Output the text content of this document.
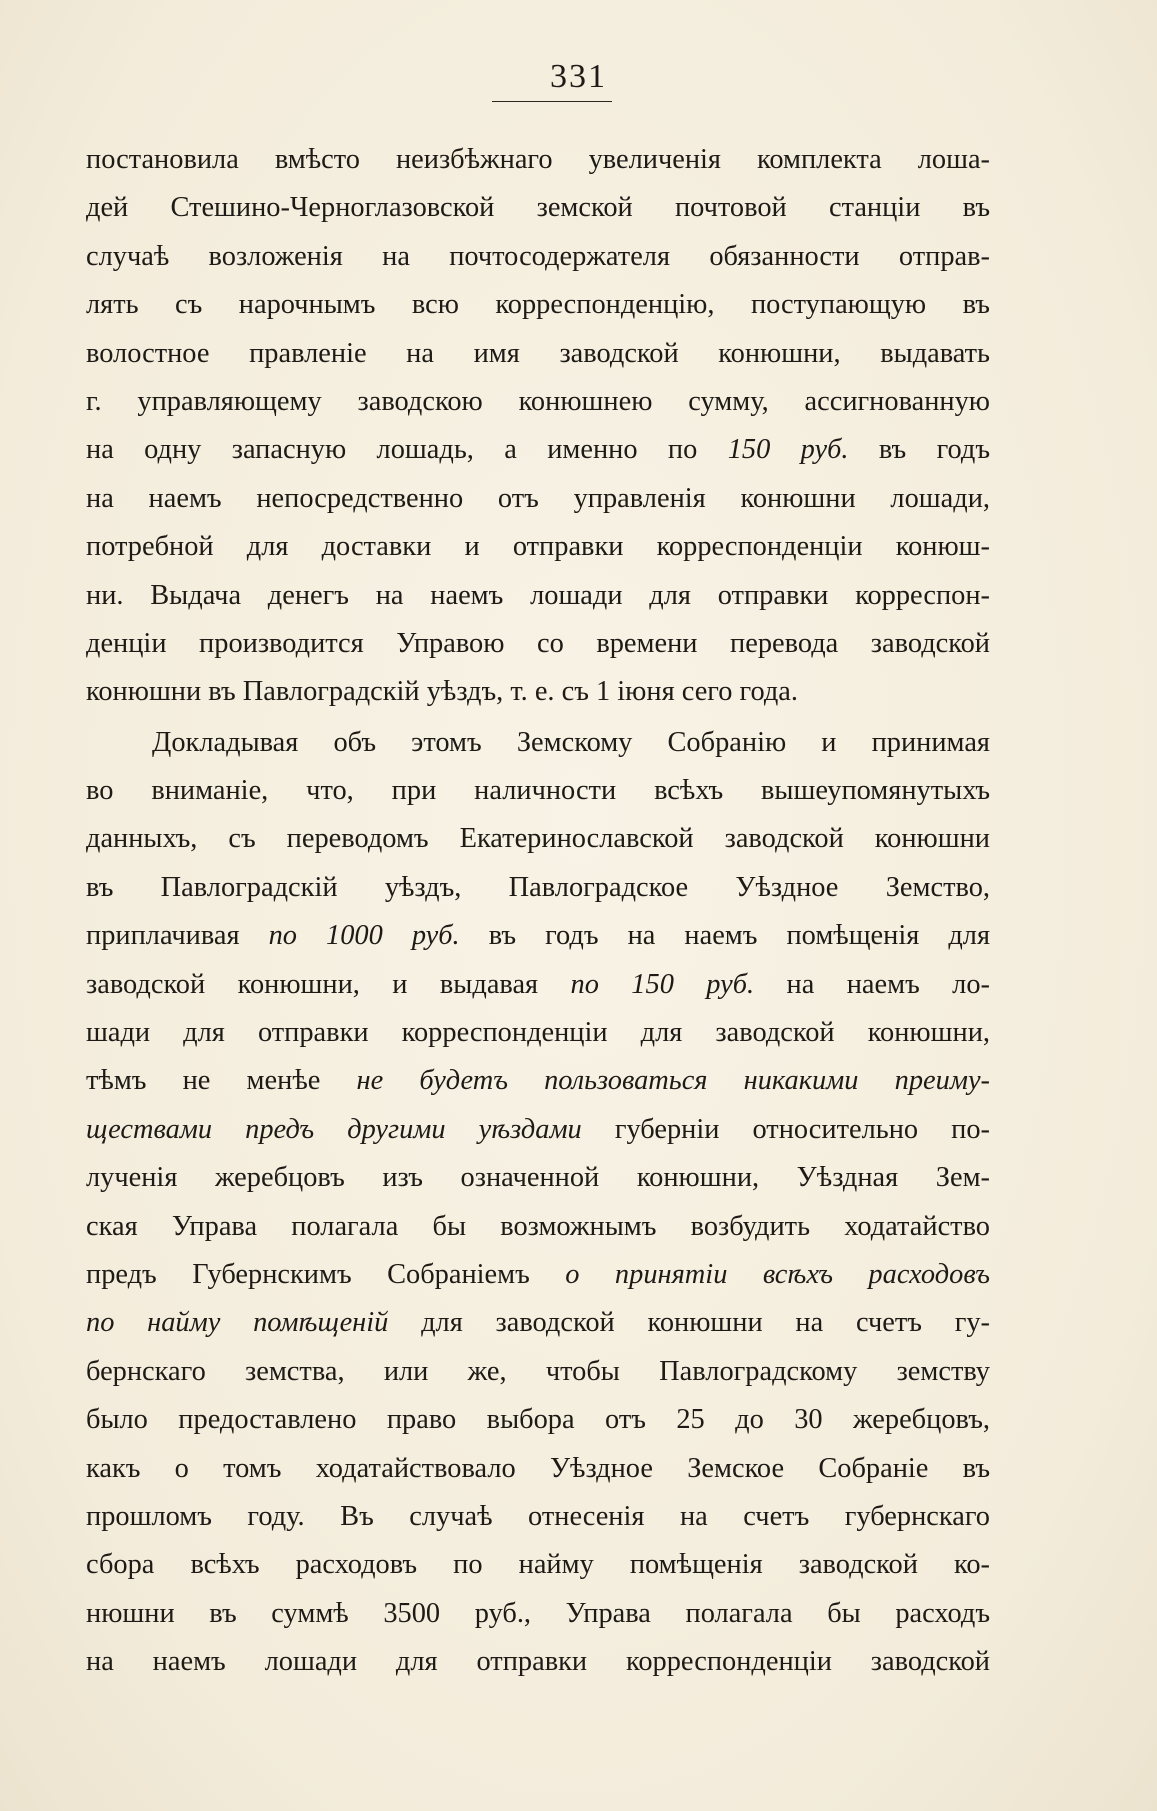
331
постановила вмѣсто неизбѣжнаго увеличенія комплекта лоша-
дей Стешино-Черноглазовской земской почтовой станціи въ
случаѣ возложенія на почтосодержателя обязанности отправ-
лять съ нарочнымъ всю корреспонденцію, поступающую въ
волостное правленіе на имя заводской конюшни, выдавать
г. управляющему заводскою конюшнею сумму, ассигнованную
на одну запасную лошадь, а именно по 150 руб. въ годъ
на наемъ непосредственно отъ управленія конюшни лошади,
потребной для доставки и отправки корреспонденціи конюш-
ни. Выдача денегъ на наемъ лошади для отправки корреспон-
денціи производится Управою со времени перевода заводской
конюшни въ Павлоградскій уѣздъ, т. е. съ 1 іюня сего года.
Докладывая объ этомъ Земскому Собранію и принимая
во вниманіе, что, при наличности всѣхъ вышеупомянутыхъ
данныхъ, съ переводомъ Екатеринославской заводской конюшни
въ Павлоградскій уѣздъ, Павлоградское Уѣздное Земство,
приплачивая по 1000 руб. въ годъ на наемъ помѣщенія для
заводской конюшни, и выдавая по 150 руб. на наемъ ло-
шади для отправки корреспонденціи для заводской конюшни,
тѣмъ не менѣе не будетъ пользоваться никакими преиму-
ществами предъ другими уѣздами губерніи относительно по-
лученія жеребцовъ изъ означенной конюшни, Уѣздная Зем-
ская Управа полагала бы возможнымъ возбудить ходатайство
предъ Губернскимъ Собраніемъ о принятіи всѣхъ расходовъ
по найму помѣщеній для заводской конюшни на счетъ гу-
бернскаго земства, или же, чтобы Павлоградскому земству
было предоставлено право выбора отъ 25 до 30 жеребцовъ,
какъ о томъ ходатайствовало Уѣздное Земское Собраніе въ
прошломъ году. Въ случаѣ отнесенія на счетъ губернскаго
сбора всѣхъ расходовъ по найму помѣщенія заводской ко-
нюшни въ суммѣ 3500 руб., Управа полагала бы расходъ
на наемъ лошади для отправки корреспонденціи заводской
